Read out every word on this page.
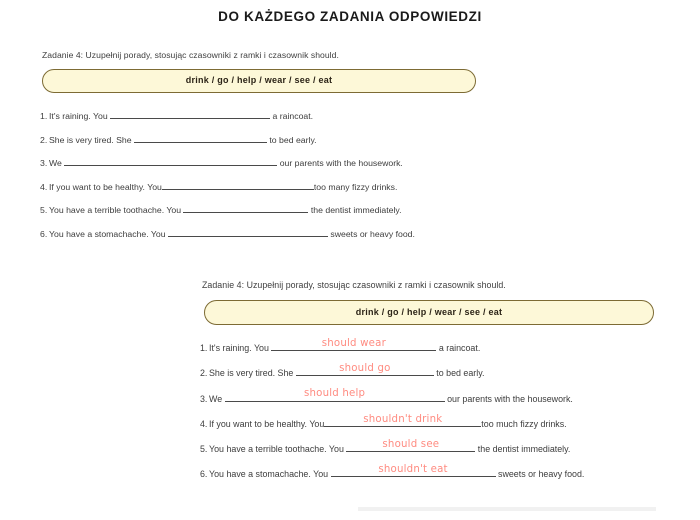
DO KAŻDEGO ZADANIA ODPOWIEDZI

Zadanie 4: Uzupełnij porady, stosując czasowniki z ramki i czasownik should.

drink / go / help / wear / see / eat
1. It's raining. You	a raincoat.
2. She is very tired. She	to bed early.
3. We	our parents with the housework.
4. If you want to be healthy. You	too many fizzy drinks.
5. You have a terrible toothache. You	the dentist immediately.
6. You have a stomachache. You	sweets or heavy food.

Zadanie 4: Uzupełnij porady, stosując czasowniki z ramki i czasownik should.

drink / go / help / wear / see / eat
1. It's raining. You	should wear	a raincoat.
2. She is very tired. She	should go	to bed early.
3. We	should help	our parents with the housework.
4. If you want to be healthy. You	shouldn't drink	too much fizzy drinks.
5. You have a terrible toothache. You	should see	the dentist immediately.
6. You have a stomachache. You	shouldn't eat	sweets or heavy food.
